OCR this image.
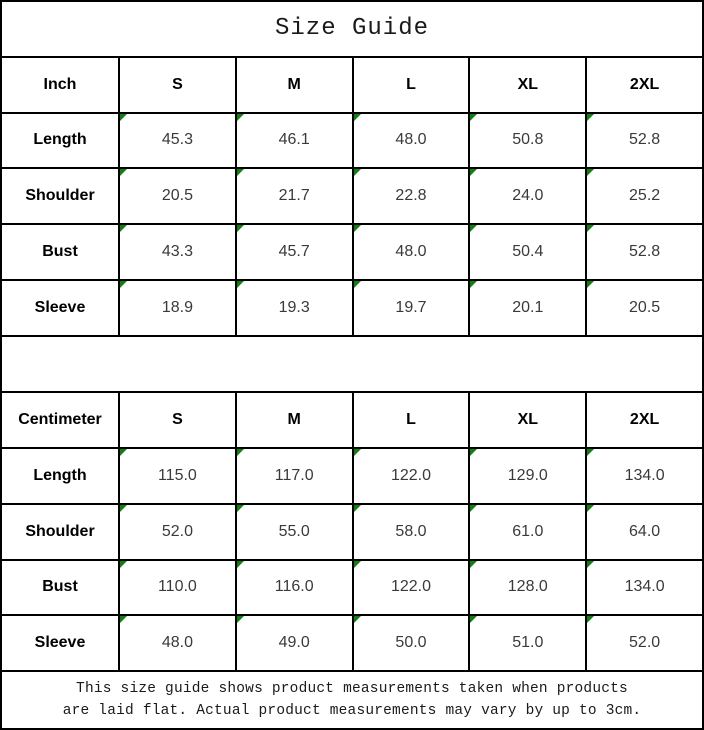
Size Guide					
Inch	S	M	L	XL	2XL
Length	45.3	46.1	48.0	50.8	52.8
Shoulder	20.5	21.7	22.8	24.0	25.2
Bust	43.3	45.7	48.0	50.4	52.8
Sleeve	18.9	19.3	19.7	20.1	20.5

Centimeter	S	M	L	XL	2XL
Length	115.0	117.0	122.0	129.0	134.0
Shoulder	52.0	55.0	58.0	61.0	64.0
Bust	110.0	116.0	122.0	128.0	134.0
Sleeve	48.0	49.0	50.0	51.0	52.0

This size guide shows product measurements taken when products
are laid flat. Actual product measurements may vary by up to 3cm.					
